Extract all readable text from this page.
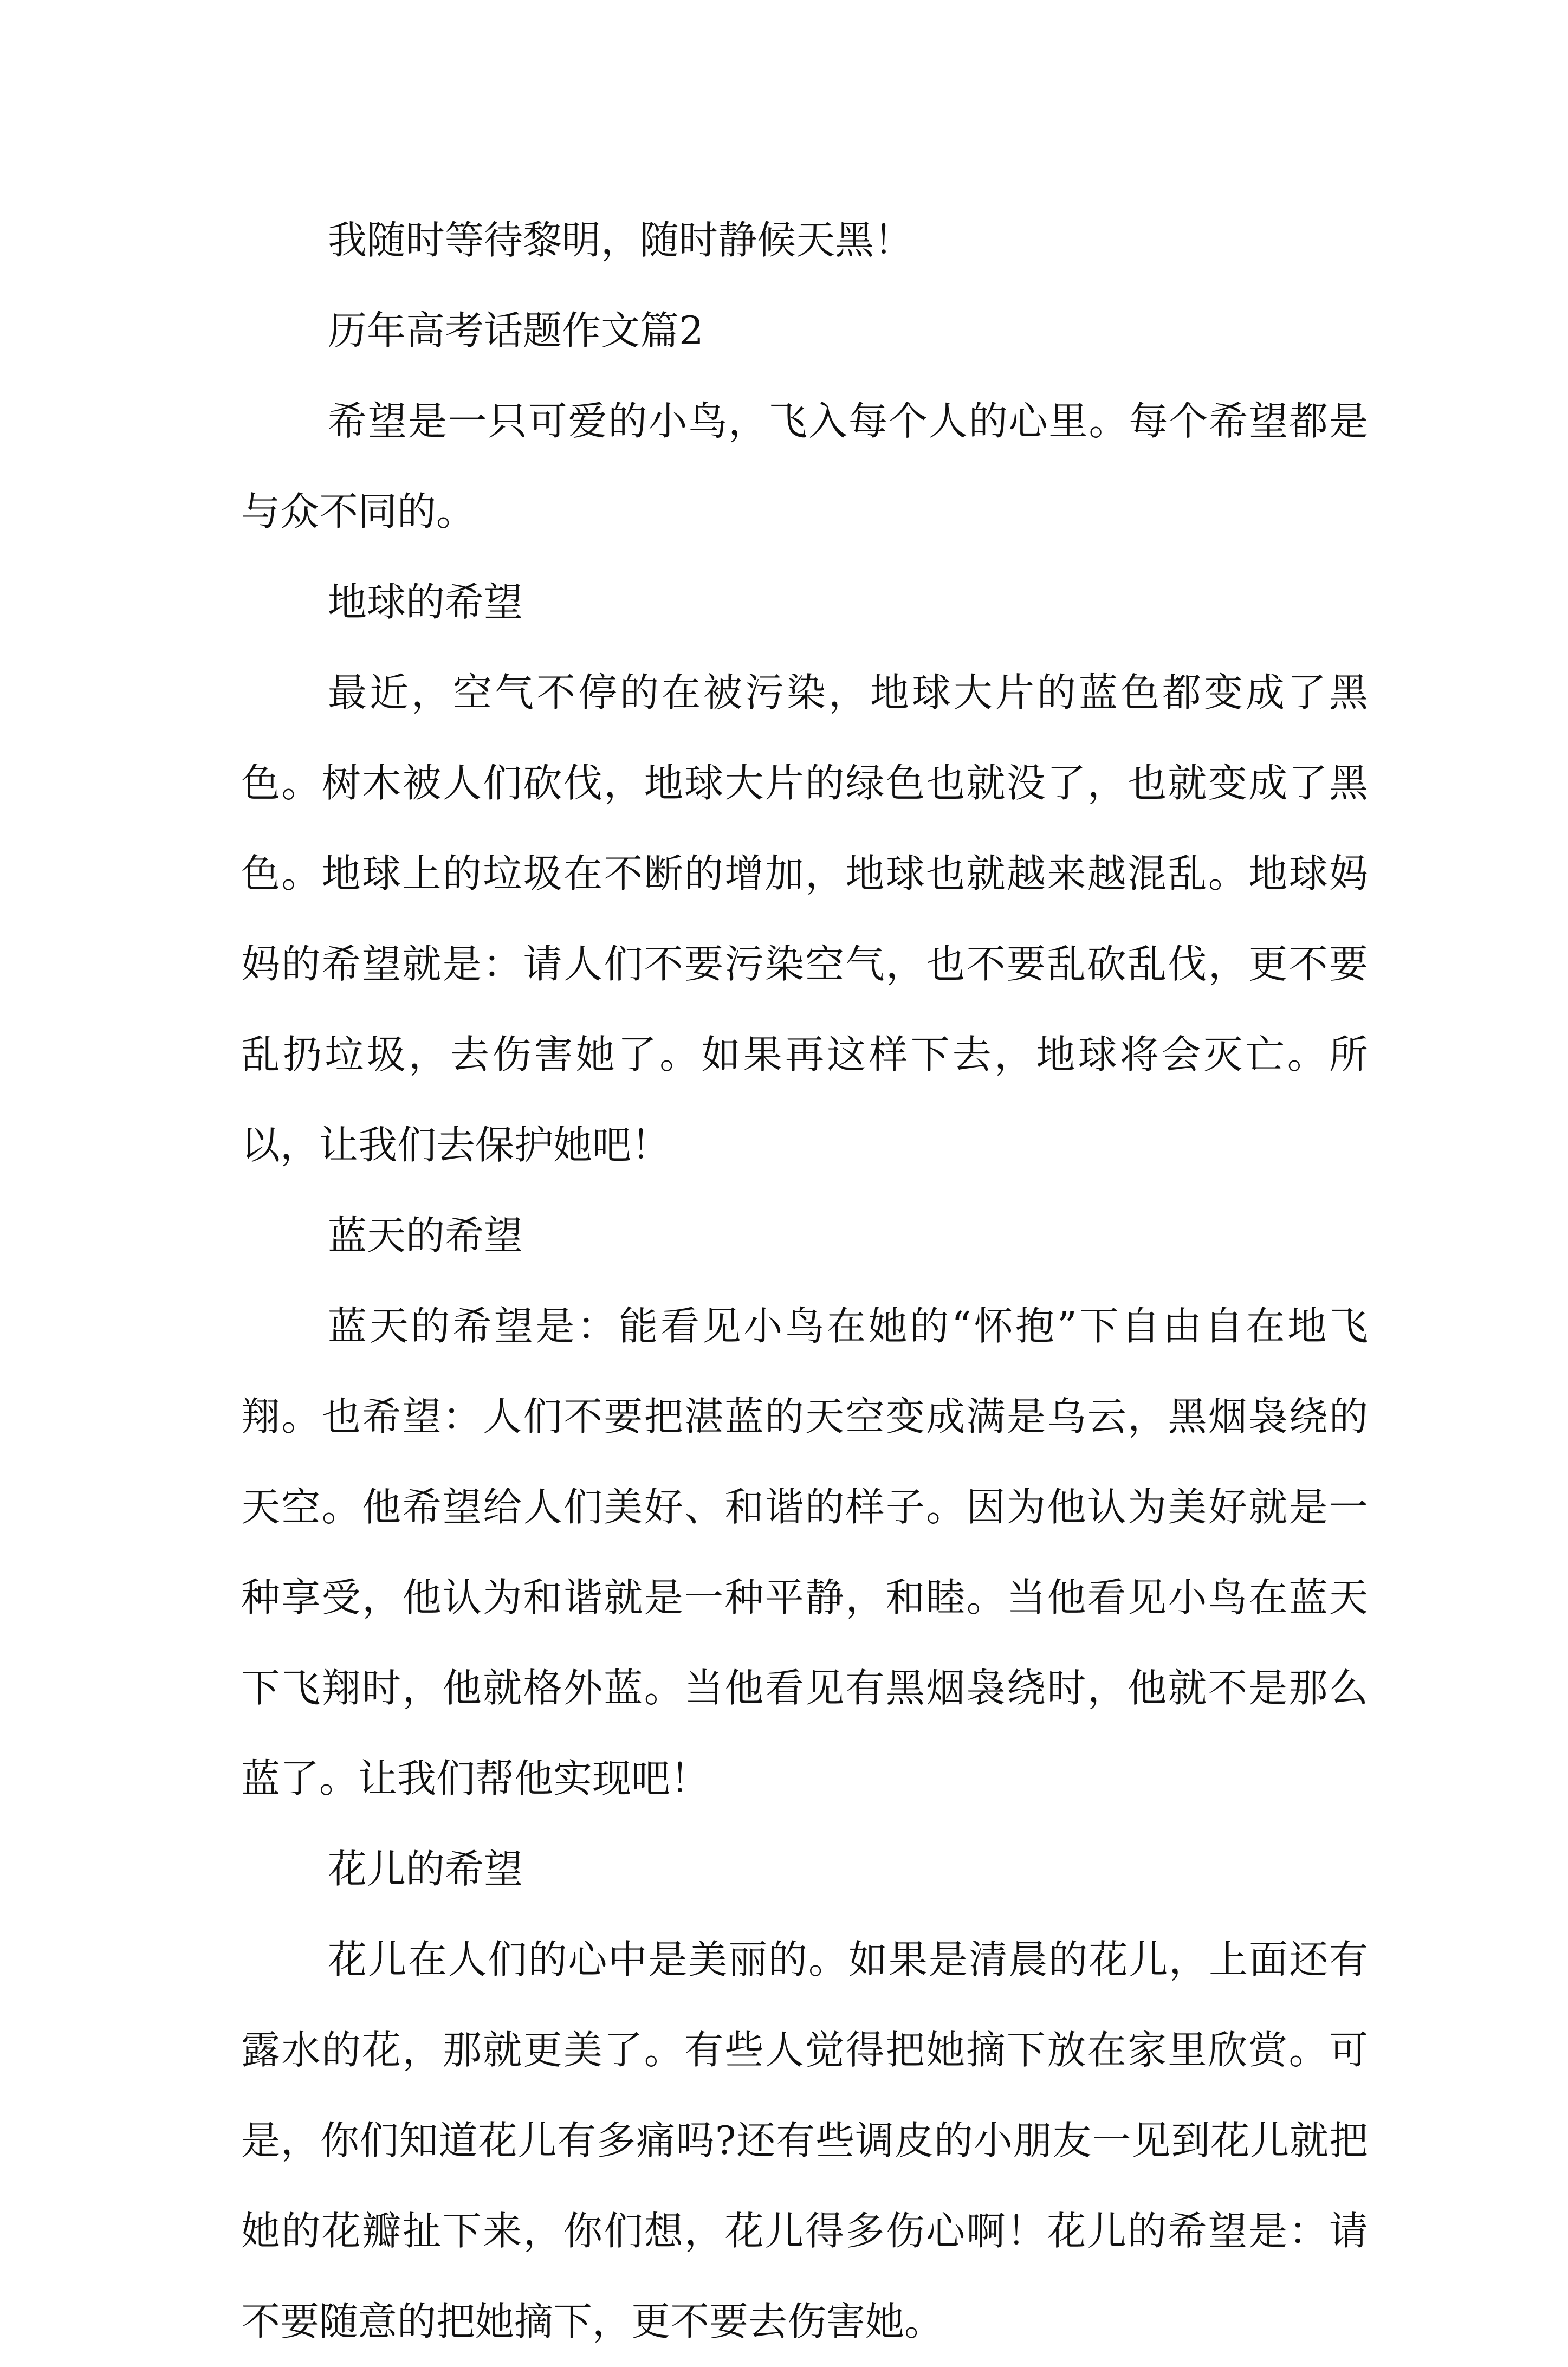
我随时等待黎明，随时静候天黑！

历年高考话题作文篇2

希望是一只可爱的小鸟，飞入每个人的心里。每个希望都是与众不同的。

地球的希望

最近，空气不停的在被污染，地球大片的蓝色都变成了黑色。树木被人们砍伐，地球大片的绿色也就没了，也就变成了黑色。地球上的垃圾在不断的增加，地球也就越来越混乱。地球妈妈的希望就是：请人们不要污染空气，也不要乱砍乱伐，更不要乱扔垃圾，去伤害她了。如果再这样下去，地球将会灭亡。所以，让我们去保护她吧！

蓝天的希望

蓝天的希望是：能看见小鸟在她的“怀抱”下自由自在地飞翔。也希望：人们不要把湛蓝的天空变成满是乌云，黑烟袅绕的天空。他希望给人们美好、和谐的样子。因为他认为美好就是一种享受，他认为和谐就是一种平静，和睦。当他看见小鸟在蓝天下飞翔时，他就格外蓝。当他看见有黑烟袅绕时，他就不是那么蓝了。让我们帮他实现吧！

花儿的希望

花儿在人们的心中是美丽的。如果是清晨的花儿，上面还有露水的花，那就更美了。有些人觉得把她摘下放在家里欣赏。可是，你们知道花儿有多痛吗?还有些调皮的小朋友一见到花儿就把她的花瓣扯下来，你们想，花儿得多伤心啊！花儿的希望是：请不要随意的把她摘下，更不要去伤害她。
